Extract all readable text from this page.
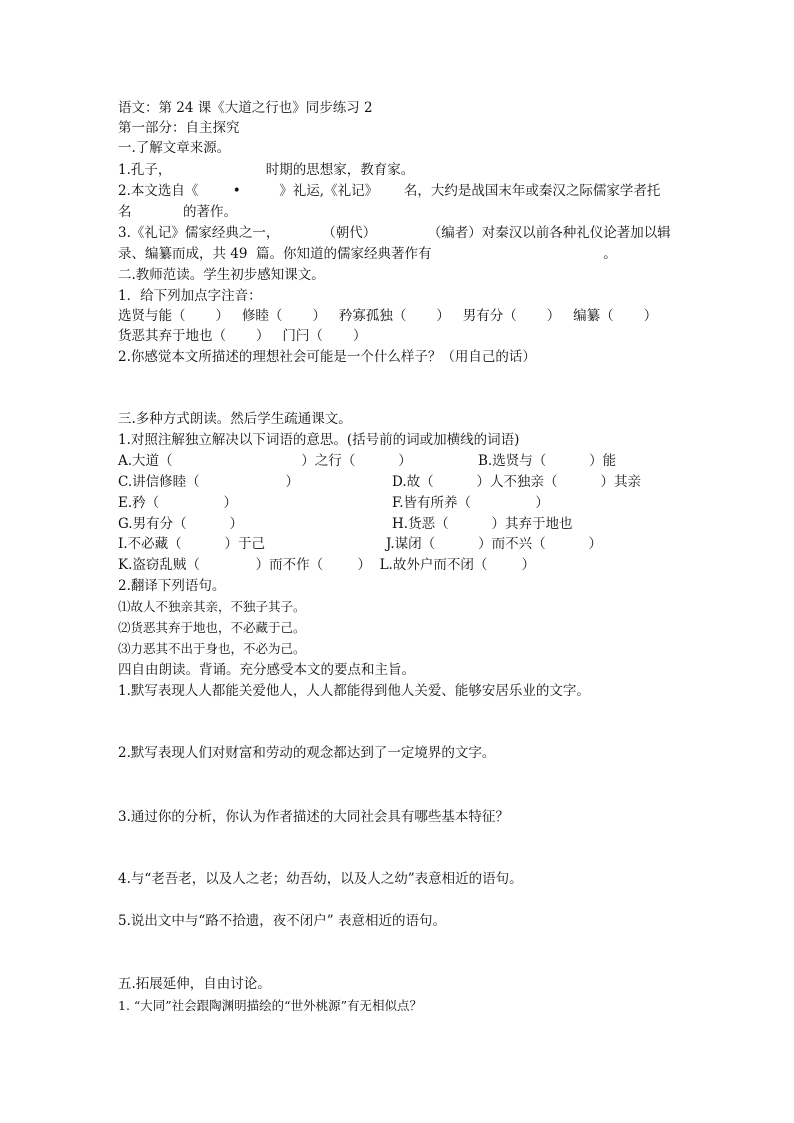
语文：第 24 课《大道之行也》同步练习 2
第一部分：自主探究
一.了解文章来源。
1.孔子，                      时期的思想家，教育家。
2.本文选自《        •         》礼运,《礼记》      名，大约是战国末年或秦汉之际儒家学者托
名            的著作。
3.《礼记》儒家经典之一，          （朝代）            （编者）对秦汉以前各种礼仪论著加以辑
录、编纂而成，共 49  篇。你知道的儒家经典著作有                                        。
二.教师范读。学生初步感知课文。
1．给下列加点字注音：
选贤与能（       ）   修睦（       ）   矜寡孤独（       ）   男有分（       ）   编纂（       ）
货恶其弃于地也（       ）   门闩（       ）
2.你感觉本文所描述的理想社会可能是一个什么样子？（用自己的话）
三.多种方式朗读。然后学生疏通课文。
1.对照注解独立解决以下词语的意思。(括号前的词或加横线的词语)
A.大道（                              ）之行（          ）	B.选贤与（          ）能
C.讲信修睦（                    ）	D.故（          ）人不独亲（          ）其亲
E.矜（               ）	F.皆有所养（               ）
G.男有分（          ）	H.货恶（          ）其弃于地也
I.不必藏（          ）于己	J.谋闭（          ）而不兴（          ）
K.盗窃乱贼（             ）而不作（        ）  L.故外户而不闭（        ）
2.翻译下列语句。
⑴故人不独亲其亲，不独子其子。
⑵货恶其弃于地也，不必藏于己。
⑶力恶其不出于身也，不必为己。
四自由朗读。背诵。充分感受本文的要点和主旨。
1.默写表现人人都能关爱他人，人人都能得到他人关爱、能够安居乐业的文字。
2.默写表现人们对财富和劳动的观念都达到了一定境界的文字。
3.通过你的分析，你认为作者描述的大同社会具有哪些基本特征？
4.与“老吾老，以及人之老；幼吾幼，以及人之幼”表意相近的语句。
5.说出文中与“路不拾遗，夜不闭户” 表意相近的语句。
五.拓展延伸，自由讨论。
1. “大同”社会跟陶渊明描绘的“世外桃源”有无相似点？
